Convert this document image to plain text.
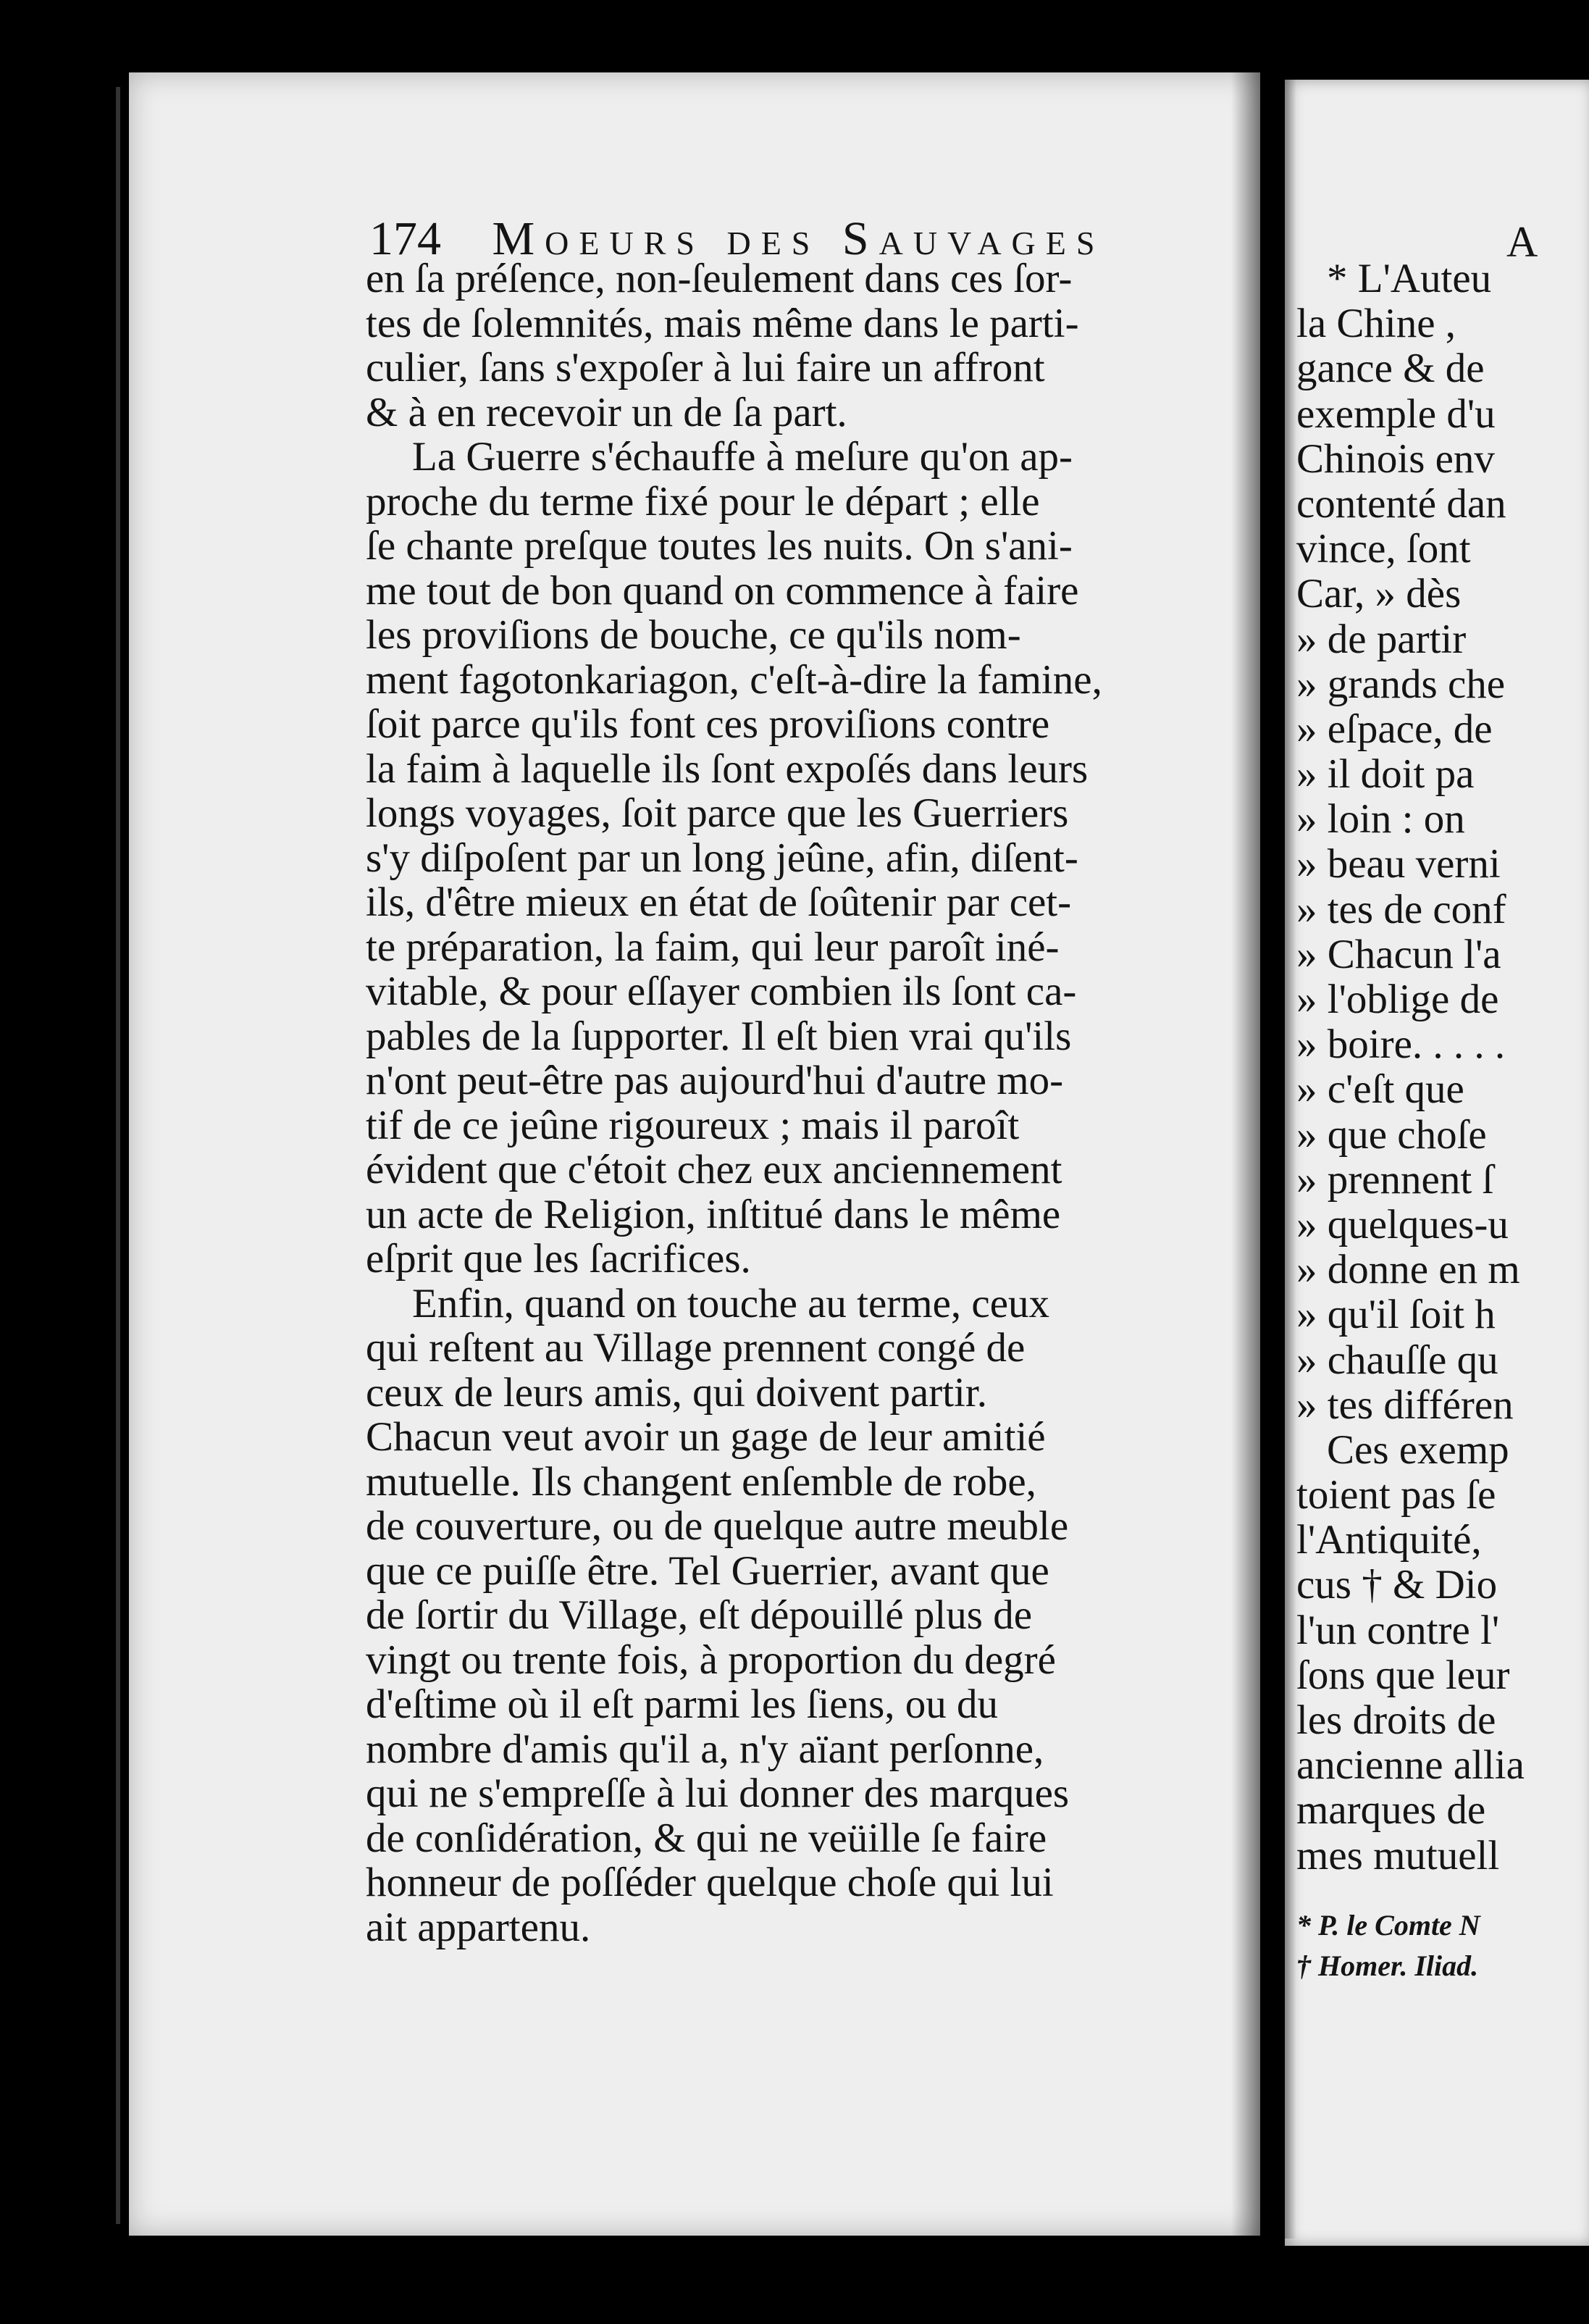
174 Moeurs des Sauvages
en ſa préſence, non-ſeulement dans ces ſor-
tes de ſolemnités, mais même dans le parti-
culier, ſans s'expoſer à lui faire un affront
& à en recevoir un de ſa part.
La Guerre s'échauffe à meſure qu'on ap-
proche du terme fixé pour le départ ; elle
ſe chante preſque toutes les nuits. On s'ani-
me tout de bon quand on commence à faire
les proviſions de bouche, ce qu'ils nom-
ment fagotonkariagon, c'eſt-à-dire la famine,
ſoit parce qu'ils font ces proviſions contre
la faim à laquelle ils ſont expoſés dans leurs
longs voyages, ſoit parce que les Guerriers
s'y diſpoſent par un long jeûne, afin, diſent-
ils, d'être mieux en état de ſoûtenir par cet-
te préparation, la faim, qui leur paroît iné-
vitable, & pour eſſayer combien ils ſont ca-
pables de la ſupporter. Il eſt bien vrai qu'ils
n'ont peut-être pas aujourd'hui d'autre mo-
tif de ce jeûne rigoureux ; mais il paroît
évident que c'étoit chez eux anciennement
un acte de Religion, inſtitué dans le même
eſprit que les ſacrifices.
Enfin, quand on touche au terme, ceux
qui reſtent au Village prennent congé de
ceux de leurs amis, qui doivent partir.
Chacun veut avoir un gage de leur amitié
mutuelle. Ils changent enſemble de robe,
de couverture, ou de quelque autre meuble
que ce puiſſe être. Tel Guerrier, avant que
de ſortir du Village, eſt dépouillé plus de
vingt ou trente fois, à proportion du degré
d'eſtime où il eſt parmi les ſiens, ou du
nombre d'amis qu'il a, n'y aïant perſonne,
qui ne s'empreſſe à lui donner des marques
de conſidération, & qui ne veüille ſe faire
honneur de poſſéder quelque choſe qui lui
ait appartenu.
A
* L'Auteu
la Chine ,
gance & de
exemple d'u
Chinois env
contenté dan
vince, ſont
Car, » dès
» de partir
» grands che
» eſpace, de
» il doit pa
» loin : on
» beau verni
» tes de conf
» Chacun l'a
» l'oblige de
» boire. . . . .
» c'eſt que
» que choſe
» prennent ſ
» quelques-u
» donne en m
» qu'il ſoit h
» chauſſe qu
» tes différen
Ces exemp
toient pas ſe
l'Antiquité,
cus † & Dio
l'un contre l'
ſons que leur
les droits de
ancienne allia
marques de
mes mutuell
* P. le Comte N
† Homer. Iliad.
